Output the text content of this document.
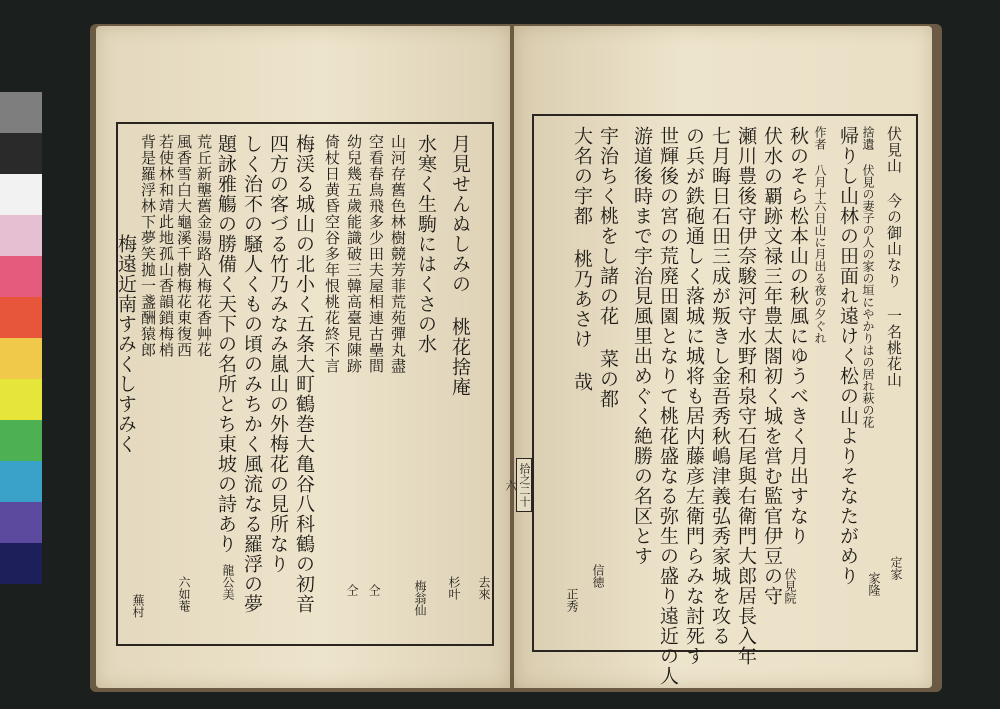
月見せんぬしみの 桃花捨庵
水寒く生駒にはくさの水
山河存舊色林樹競芳菲荒苑彈丸盡
空看春鳥飛多少田夫屋相連古壘間
幼兒幾五歲能識破三韓高臺見陳跡
倚杖日黄昏空谷多年恨桃花終不言
梅渓る城山の北小く五条大町鶴巻大亀谷八科鶴の初音
四方の客づる竹乃みなみ嵐山の外梅花の見所なり
しく治不の騒人くもの頃のみちかく風流なる羅浮の夢
題詠雅觴の勝備く天下の名所とち東坡の詩あり
荒丘新壟舊金湯路入梅花香艸花
風香雪白大龜溪千樹梅花東復西
若使林和靖此地孤山香韻鎖梅梢
背是羅浮林下夢笑拋一盞酬猿郎
梅遠近南すみくしすみく
去來
杉叶
梅翁仙
仝
仝
龍公美
六如菴
蕪村
伏見山 今の御山なり 一名桃花山
捨遺 伏見の妻子の人の家の垣にやかりはの居れ萩の花
帰りし山林の田面れ遠けく松の山よりそなたがめり
作者 八月十六日山に月出る夜の夕ぐれ
秋のそら松本山の秋風にゆうべきく月出すなり
伏水の覇跡文禄三年豊太閤初く城を営む監官伊豆の守
瀬川豊後守伊奈駿河守水野和泉守石尾與右衛門大郎居長入年
七月晦日石田三成が叛きし金吾秀秋嶋津義弘秀家城を攻る
の兵が鉄砲通しく落城に城将も居内藤彦左衛門らみな討死す
世輝後の宮の荒廃田園となりて桃花盛なる弥生の盛り遠近の人
游道後時まで宇治見風里出めぐく絶勝の名区とす
宇治ちく桃をし諸の花 菜の都
大名の宇都 桃乃あさけ 哉
定家
家隆
伏見院
信徳
正秀
拾之二十六
